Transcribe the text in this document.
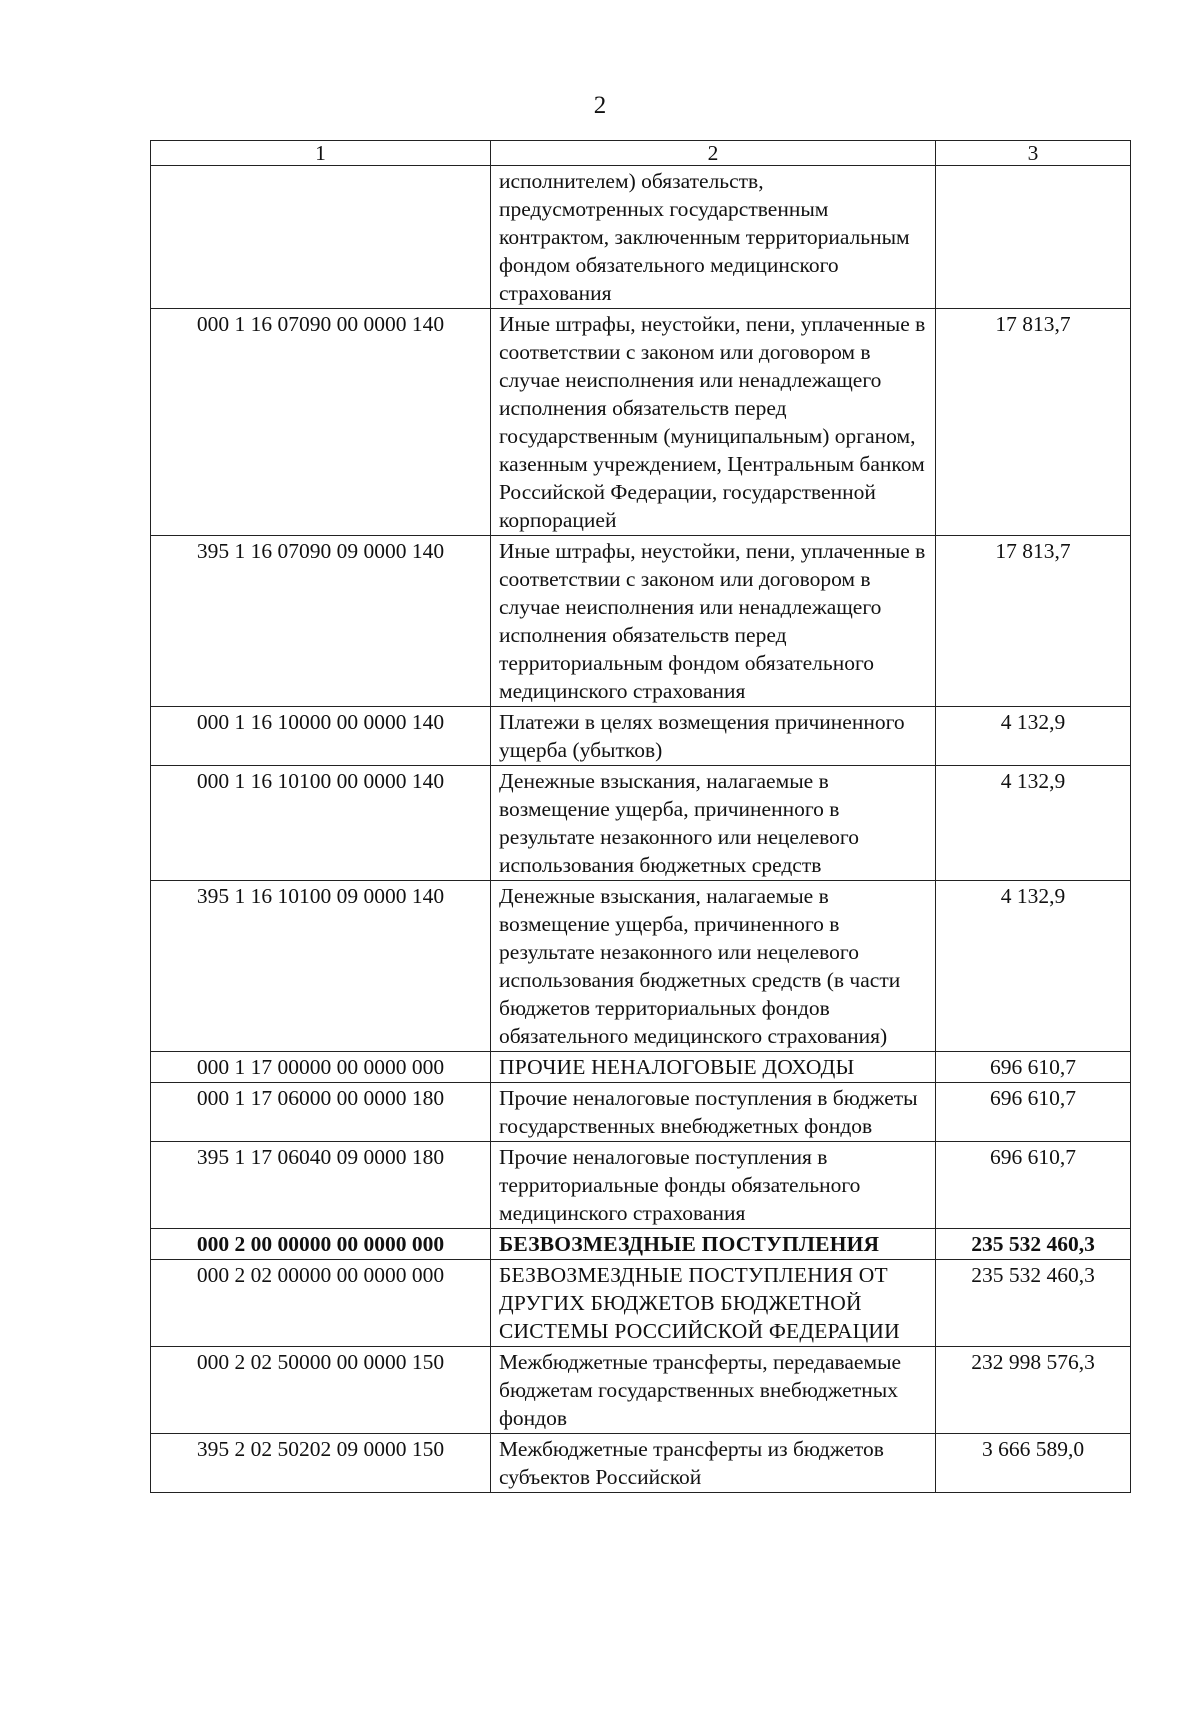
2
1	2	3
	исполнителем) обязательств, предусмотренных государственным контрактом, заключенным территориальным фондом обязательного медицинского страхования	
000 1 16 07090 00 0000 140	Иные штрафы, неустойки, пени, уплаченные в соответствии с законом или договором в случае неисполнения или ненадлежащего исполнения обязательств перед государственным (муниципальным) органом, казенным учреждением, Центральным банком Российской Федерации, государственной корпорацией	17 813,7
395 1 16 07090 09 0000 140	Иные штрафы, неустойки, пени, уплаченные в соответствии с законом или договором в случае неисполнения или ненадлежащего исполнения обязательств перед территориальным фондом обязательного медицинского страхования	17 813,7
000 1 16 10000 00 0000 140	Платежи в целях возмещения причиненного ущерба (убытков)	4 132,9
000 1 16 10100 00 0000 140	Денежные взыскания, налагаемые в возмещение ущерба, причиненного в результате незаконного или нецелевого использования бюджетных средств	4 132,9
395 1 16 10100 09 0000 140	Денежные взыскания, налагаемые в возмещение ущерба, причиненного в результате незаконного или нецелевого использования бюджетных средств (в части бюджетов территориальных фондов обязательного медицинского страхования)	4 132,9
000 1 17 00000 00 0000 000	ПРОЧИЕ НЕНАЛОГОВЫЕ ДОХОДЫ	696 610,7
000 1 17 06000 00 0000 180	Прочие неналоговые поступления в бюджеты государственных внебюджетных фондов	696 610,7
395 1 17 06040 09 0000 180	Прочие неналоговые поступления в территориальные фонды обязательного медицинского страхования	696 610,7
000 2 00 00000 00 0000 000	БЕЗВОЗМЕЗДНЫЕ ПОСТУПЛЕНИЯ	235 532 460,3
000 2 02 00000 00 0000 000	БЕЗВОЗМЕЗДНЫЕ ПОСТУПЛЕНИЯ ОТ ДРУГИХ БЮДЖЕТОВ БЮДЖЕТНОЙ СИСТЕМЫ РОССИЙСКОЙ ФЕДЕРАЦИИ	235 532 460,3
000 2 02 50000 00 0000 150	Межбюджетные трансферты, передаваемые бюджетам государственных внебюджетных фондов	232 998 576,3
395 2 02 50202 09 0000 150	Межбюджетные трансферты из бюджетов субъектов Российской	3 666 589,0
